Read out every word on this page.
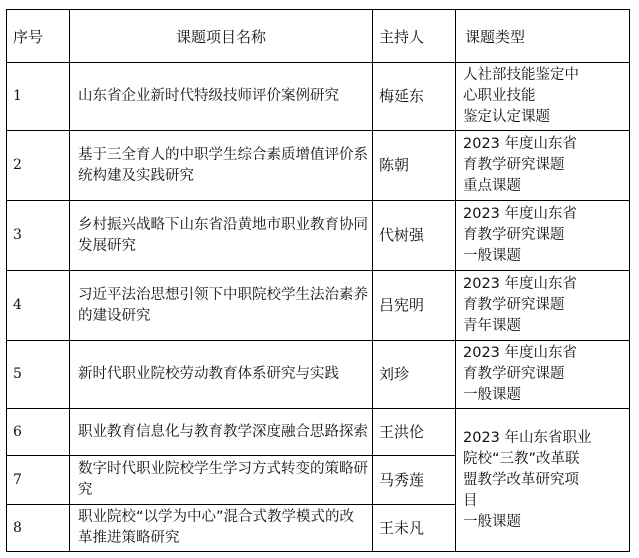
序号	课题项目名称	主持人	课题类型
1	山东省企业新时代特级技师评价案例研究	梅延东	人社部技能鉴定中
心职业技能
鉴定认定课题

2	基于三全育人的中职学生综合素质增值评价系统构建及实践研究	陈朝	2023 年度山东省
育教学研究课题
重点课题

3	乡村振兴战略下山东省沿黄地市职业教育协同发展研究	代树强	2023 年度山东省
育教学研究课题
一般课题

4	习近平法治思想引领下中职院校学生法治素养的建设研究	吕宪明	2023 年度山东省
育教学研究课题
青年课题

5	新时代职业院校劳动教育体系研究与实践	刘珍	2023 年度山东省
育教学研究课题
一般课题

6	职业教育信息化与教育教学深度融合思路探索	王洪伦	2023 年山东省职业
院校“三教”改革联
盟教学改革研究项
目
一般课题

7	数字时代职业院校学生学习方式转变的策略研究	马秀莲	
8	职业院校“以学为中心”混合式教学模式的改革推进策略研究	王未凡	
